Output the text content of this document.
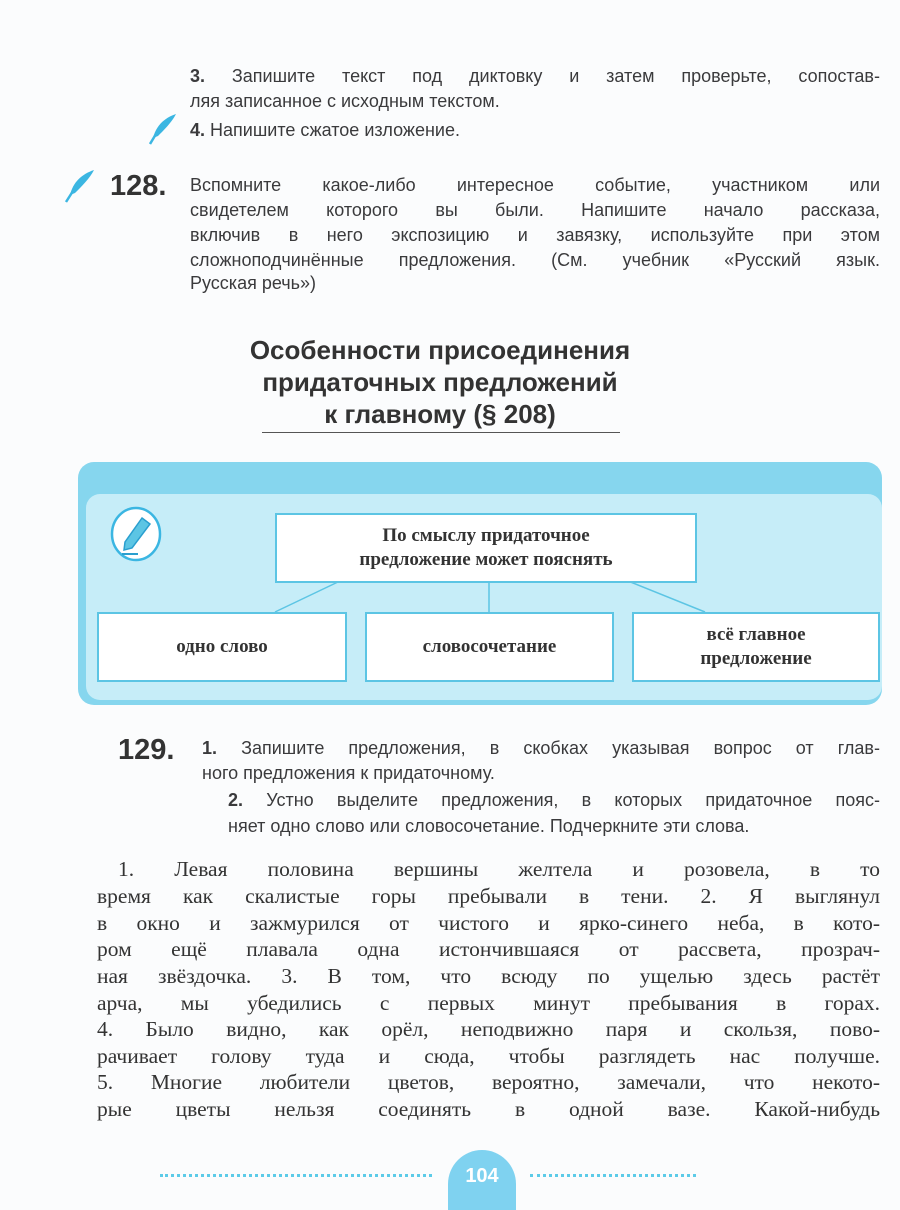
3. Запишите текст под диктовку и затем проверьте, сопостав-
ляя записанное с исходным текстом.
4. Напишите сжатое изложение.
128. Вспомните какое-либо интересное событие, участником или
свидетелем которого вы были. Напишите начало рассказа,
включив в него экспозицию и завязку, используйте при этом
сложноподчинённые предложения. (См. учебник «Русский язык.
Русская речь»)
Особенности присоединения
придаточных предложений
к главному (§ 208)
По смыслу придаточное
предложение может пояснять
одно слово	словосочетание
всё главное
предложение
129. 1. Запишите предложения, в скобках указывая вопрос от глав-
ного предложения к придаточному.
2. Устно выделите предложения, в которых придаточное пояс-
няет одно слово или словосочетание. Подчеркните эти слова.
1. Левая половина вершины желтела и розовела, в то
время как скалистые горы пребывали в тени. 2. Я выглянул
в окно и зажмурился от чистого и ярко-синего неба, в кото-
ром ещё плавала одна истончившаяся от рассвета, прозрач-
ная звёздочка. 3. В том, что всюду по ущелью здесь растёт
арча, мы убедились с первых минут пребывания в горах.
4. Было видно, как орёл, неподвижно паря и скользя, пово-
рачивает голову туда и сюда, чтобы разглядеть нас получше.
5. Многие любители цветов, вероятно, замечали, что некото-
рые цветы нельзя соединять в одной вазе. Какой-нибудь
104
